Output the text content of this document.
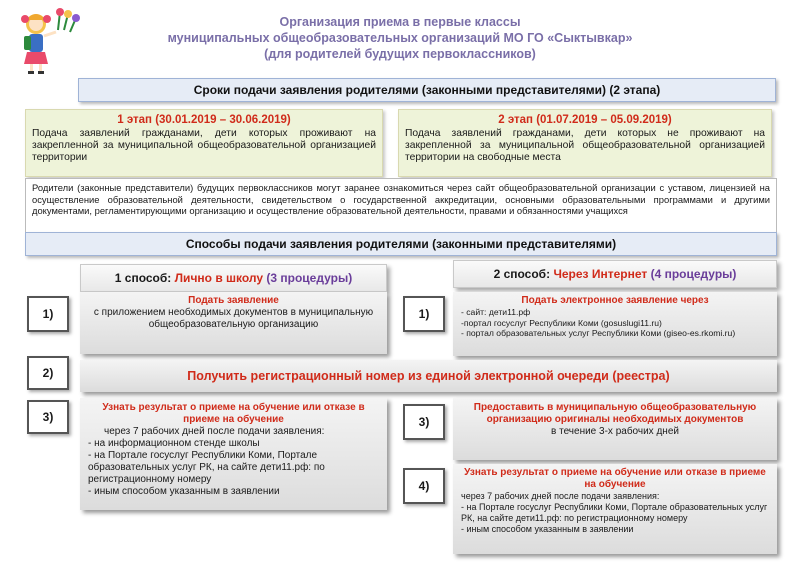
Организация приема в первые классы
муниципальных общеобразовательных организаций МО ГО «Сыктывкар»
(для родителей будущих первоклассников)
Сроки подачи заявления родителями (законными представителями) (2 этапа)
1 этап (30.01.2019 – 30.06.2019)
Подача заявлений гражданами, дети которых проживают на закрепленной за муниципальной общеобразовательной организацией территории
2 этап (01.07.2019 – 05.09.2019)
Подача заявлений гражданами, дети которых не проживают на закрепленной за муниципальной общеобразовательной организацией территории на свободные места
Родители (законные представители) будущих первоклассников могут заранее ознакомиться через сайт общеобразовательной организации с уставом, лицензией на осуществление образовательной деятельности, свидетельством о государственной аккредитации, основными образовательными программами и другими документами, регламентирующими организацию и осуществление образовательной деятельности, правами и обязанностями учащихся
Способы подачи заявления родителями (законными представителями)
1 способ: Лично в школу (3 процедуры)	2 способ: Через Интернет (4 процедуры)
1)
Подать заявление
с приложением необходимых документов в муниципальную общеобразовательную организацию
1)
Подать электронное заявление через
- сайт: дети11.рф
-портал госуслуг Республики Коми (gosuslugi11.ru)
- портал образовательных услуг Республики Коми (giseo-es.rkomi.ru)
2)	Получить регистрационный номер из единой электронной очереди (реестра)
3)
Узнать результат о приеме на обучение или отказе в приеме на обучение
через 7 рабочих дней после подачи заявления:
- на информационном стенде школы
- на Портале госуслуг Республики Коми, Портале образовательных услуг РК, на сайте дети11.рф: по регистрационному номеру
- иным способом указанным в заявлении
3)
Предоставить в муниципальную общеобразовательную организацию оригиналы необходимых документов
в течение 3-х рабочих дней
4)
Узнать результат о приеме на обучение или отказе в приеме на обучение
через 7 рабочих дней после подачи заявления:
- на Портале госуслуг Республики Коми, Портале образовательных услуг РК, на сайте дети11.рф: по регистрационному номеру
- иным способом указанным в заявлении
